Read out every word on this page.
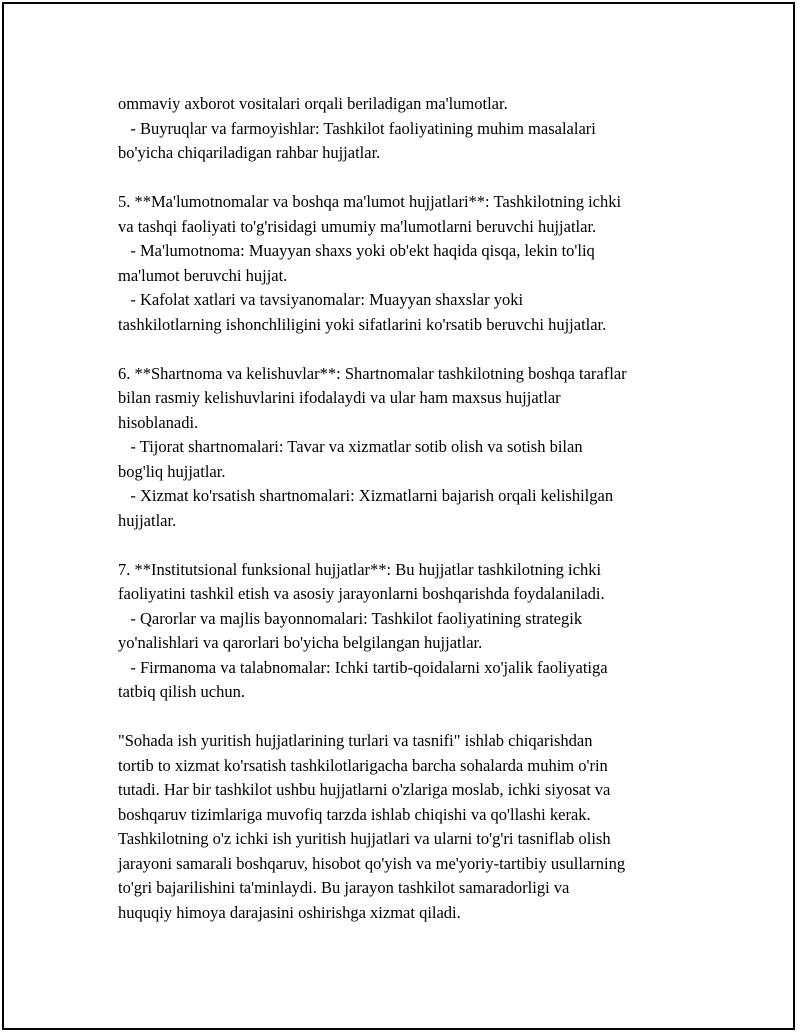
ommaviy axborot vositalari orqali beriladigan ma'lumotlar.
- Buyruqlar va farmoyishlar: Tashkilot faoliyatining muhim masalalari
bo'yicha chiqariladigan rahbar hujjatlar.
5. **Ma'lumotnomalar va boshqa ma'lumot hujjatlari**: Tashkilotning ichki
va tashqi faoliyati to'g'risidagi umumiy ma'lumotlarni beruvchi hujjatlar.
- Ma'lumotnoma: Muayyan shaxs yoki ob'ekt haqida qisqa, lekin to'liq
ma'lumot beruvchi hujjat.
- Kafolat xatlari va tavsiyanomalar: Muayyan shaxslar yoki
tashkilotlarning ishonchliligini yoki sifatlarini ko'rsatib beruvchi hujjatlar.
6. **Shartnoma va kelishuvlar**: Shartnomalar tashkilotning boshqa taraflar
bilan rasmiy kelishuvlarini ifodalaydi va ular ham maxsus hujjatlar
hisoblanadi.
- Tijorat shartnomalari: Tavar va xizmatlar sotib olish va sotish bilan
bog'liq hujjatlar.
- Xizmat ko'rsatish shartnomalari: Xizmatlarni bajarish orqali kelishilgan
hujjatlar.
7. **Institutsional funksional hujjatlar**: Bu hujjatlar tashkilotning ichki
faoliyatini tashkil etish va asosiy jarayonlarni boshqarishda foydalaniladi.
- Qarorlar va majlis bayonnomalari: Tashkilot faoliyatining strategik
yo'nalishlari va qarorlari bo'yicha belgilangan hujjatlar.
- Firmanoma va talabnomalar: Ichki tartib-qoidalarni xo'jalik faoliyatiga
tatbiq qilish uchun.
"Sohada ish yuritish hujjatlarining turlari va tasnifi" ishlab chiqarishdan
tortib to xizmat ko'rsatish tashkilotlarigacha barcha sohalarda muhim o'rin
tutadi. Har bir tashkilot ushbu hujjatlarni o'zlariga moslab, ichki siyosat va
boshqaruv tizimlariga muvofiq tarzda ishlab chiqishi va qo'llashi kerak.
Tashkilotning o'z ichki ish yuritish hujjatlari va ularni to'g'ri tasniflab olish
jarayoni samarali boshqaruv, hisobot qo'yish va me'yoriy-tartibiy usullarning
to'gri bajarilishini ta'minlaydi. Bu jarayon tashkilot samaradorligi va
huquqiy himoya darajasini oshirishga xizmat qiladi.
